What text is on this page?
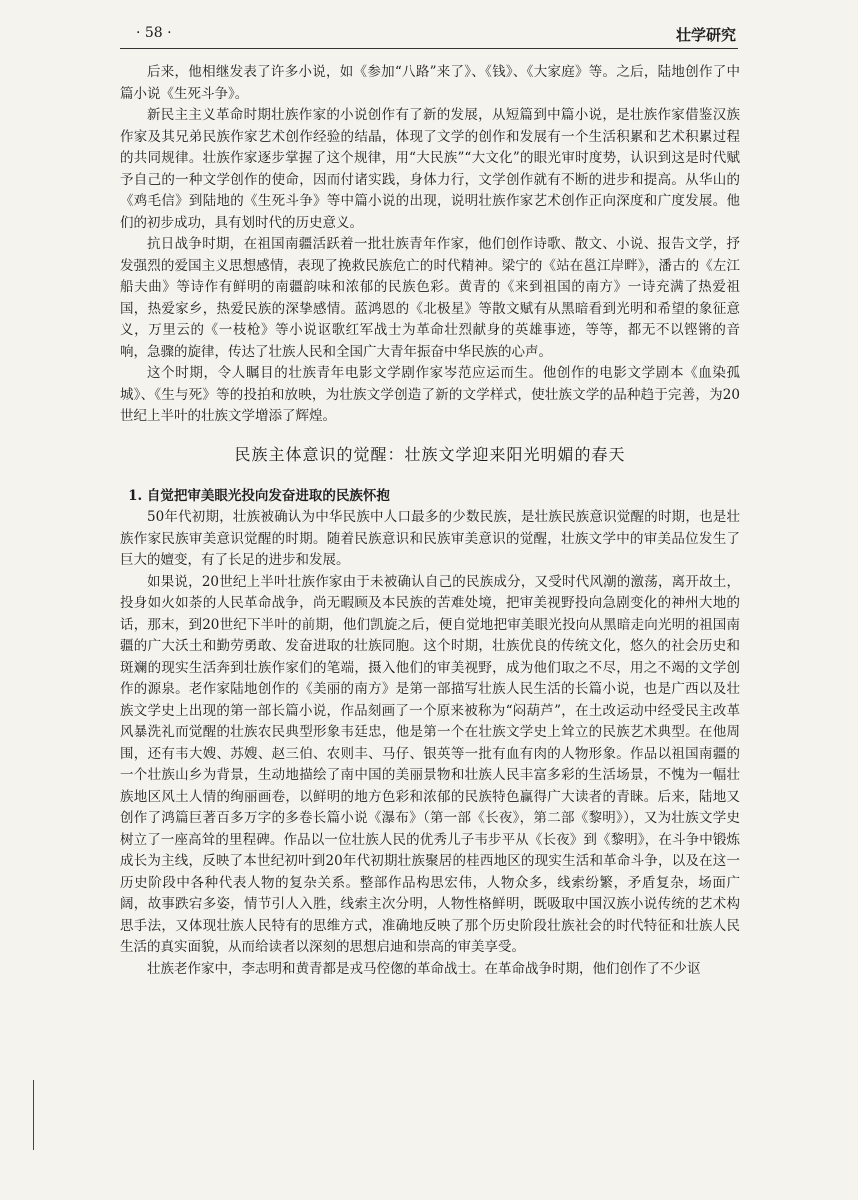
· 58 ·	壮学研究

后来，他相继发表了许多小说，如《参加“八路”来了》、《钱》、《大家庭》等。之后，陆地创作了中篇小说《生死斗争》。

新民主主义革命时期壮族作家的小说创作有了新的发展，从短篇到中篇小说，是壮族作家借鉴汉族作家及其兄弟民族作家艺术创作经验的结晶，体现了文学的创作和发展有一个生活积累和艺术积累过程的共同规律。壮族作家逐步掌握了这个规律，用“大民族”“大文化”的眼光审时度势，认识到这是时代赋予自己的一种文学创作的使命，因而付诸实践，身体力行，文学创作就有不断的进步和提高。从华山的《鸡毛信》到陆地的《生死斗争》等中篇小说的出现，说明壮族作家艺术创作正向深度和广度发展。他们的初步成功，具有划时代的历史意义。

抗日战争时期，在祖国南疆活跃着一批壮族青年作家，他们创作诗歌、散文、小说、报告文学，抒发强烈的爱国主义思想感情，表现了挽救民族危亡的时代精神。梁宁的《站在邕江岸畔》，潘古的《左江船夫曲》等诗作有鲜明的南疆韵味和浓郁的民族色彩。黄青的《来到祖国的南方》一诗充满了热爱祖国，热爱家乡，热爱民族的深挚感情。蓝鸿恩的《北极星》等散文赋有从黑暗看到光明和希望的象征意义，万里云的《一枝枪》等小说讴歌红军战士为革命壮烈献身的英雄事迹，等等，都无不以铿锵的音响，急骤的旋律，传达了壮族人民和全国广大青年振奋中华民族的心声。

这个时期，令人瞩目的壮族青年电影文学剧作家岑范应运而生。他创作的电影文学剧本《血染孤城》、《生与死》等的投拍和放映，为壮族文学创造了新的文学样式，使壮族文学的品种趋于完善，为20世纪上半叶的壮族文学增添了辉煌。

民族主体意识的觉醒：壮族文学迎来阳光明媚的春天
1. 自觉把审美眼光投向发奋进取的民族怀抱

50年代初期，壮族被确认为中华民族中人口最多的少数民族，是壮族民族意识觉醒的时期，也是壮族作家民族审美意识觉醒的时期。随着民族意识和民族审美意识的觉醒，壮族文学中的审美品位发生了巨大的嬗变，有了长足的进步和发展。

如果说，20世纪上半叶壮族作家由于未被确认自己的民族成分，又受时代风潮的激荡，离开故土，投身如火如荼的人民革命战争，尚无暇顾及本民族的苦难处境，把审美视野投向急剧变化的神州大地的话，那末，到20世纪下半叶的前期，他们凯旋之后，便自觉地把审美眼光投向从黑暗走向光明的祖国南疆的广大沃土和勤劳勇敢、发奋进取的壮族同胞。这个时期，壮族优良的传统文化，悠久的社会历史和斑斓的现实生活奔到壮族作家们的笔端，摄入他们的审美视野，成为他们取之不尽，用之不竭的文学创作的源泉。老作家陆地创作的《美丽的南方》是第一部描写壮族人民生活的长篇小说，也是广西以及壮族文学史上出现的第一部长篇小说，作品刻画了一个原来被称为“闷葫芦”，在土改运动中经受民主改革风暴洗礼而觉醒的壮族农民典型形象韦廷忠，他是第一个在壮族文学史上耸立的民族艺术典型。在他周围，还有韦大嫂、苏嫂、赵三伯、农则丰、马仔、银英等一批有血有肉的人物形象。作品以祖国南疆的一个壮族山乡为背景，生动地描绘了南中国的美丽景物和壮族人民丰富多彩的生活场景，不愧为一幅壮族地区风土人情的绚丽画卷，以鲜明的地方色彩和浓郁的民族特色赢得广大读者的青睐。后来，陆地又创作了鸿篇巨著百多万字的多卷长篇小说《瀑布》（第一部《长夜》，第二部《黎明》），又为壮族文学史树立了一座高耸的里程碑。作品以一位壮族人民的优秀儿子韦步平从《长夜》到《黎明》，在斗争中锻炼成长为主线，反映了本世纪初叶到20年代初期壮族聚居的桂西地区的现实生活和革命斗争，以及在这一历史阶段中各种代表人物的复杂关系。整部作品构思宏伟，人物众多，线索纷繁，矛盾复杂，场面广阔，故事跌宕多姿，情节引人入胜，线索主次分明，人物性格鲜明，既吸取中国汉族小说传统的艺术构思手法，又体现壮族人民特有的思维方式，准确地反映了那个历史阶段壮族社会的时代特征和壮族人民生活的真实面貌，从而给读者以深刻的思想启迪和崇高的审美享受。

壮族老作家中，李志明和黄青都是戎马倥偬的革命战士。在革命战争时期，他们创作了不少讴
